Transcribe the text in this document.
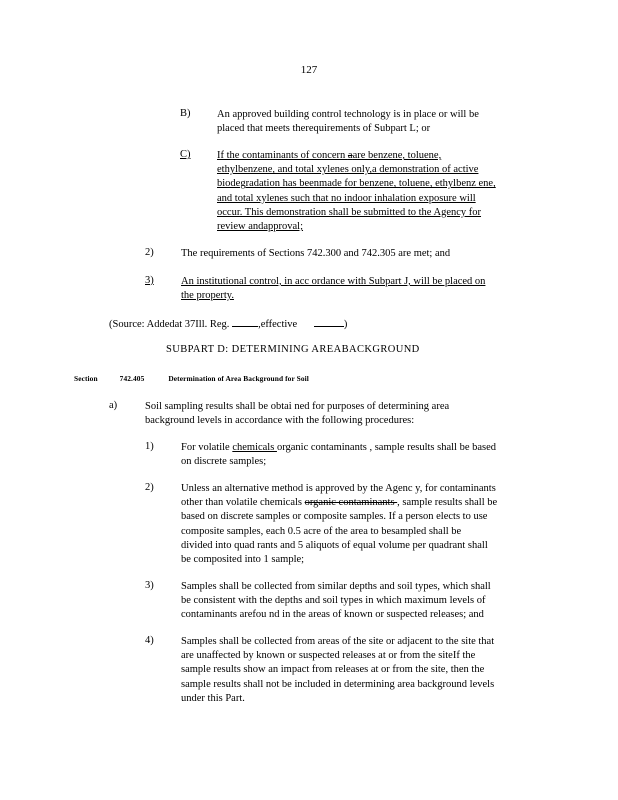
127
B)	An approved building control technology is in place or will be
placed that meets therequirements of Subpart L; or
C)	If the contaminants of concern aare benzene, toluene,
ethylbenzene, and total xylenes only,a demonstration of active
biodegradation has beenmade for benzene, toluene, ethylbenz ene,
and total xylenes such that no indoor inhalation exposure will
occur. This demonstration shall be submitted to the Agency for
review andapproval;
2)	The requirements of Sections 742.300 and 742.305 are met; and
3)	An institutional control, in acc ordance with Subpart J, will be placed on
the property.
(Source: Addedat 37Ill. Reg. ,effective	)
SUBPART D: DETERMINING AREABACKGROUND
Section	742.405	Determination of Area Background for Soil
a)	Soil sampling results shall be obtai ned for purposes of determining area
background levels in accordance with the following procedures:
1)	For volatile chemicals organic contaminants , sample results shall be based
on discrete samples;
2)	Unless an alternative method is approved by the Agenc y, for contaminants
other than volatile chemicals organic contaminants , sample results shall be
based on discrete samples or composite samples. If a person elects to use
composite samples, each 0.5 acre of the area to besampled shall be
divided into quad rants and 5 aliquots of equal volume per quadrant shall
be composited into 1 sample;
3)	Samples shall be collected from similar depths and soil types, which shall
be consistent with the depths and soil types in which maximum levels of
contaminants arefou nd in the areas of known or suspected releases; and
4)	Samples shall be collected from areas of the site or adjacent to the site that
are unaffected by known or suspected releases at or from the siteIf the
sample results show an impact from releases at or from the site, then the
sample results shall not be included in determining area background levels
under this Part.
